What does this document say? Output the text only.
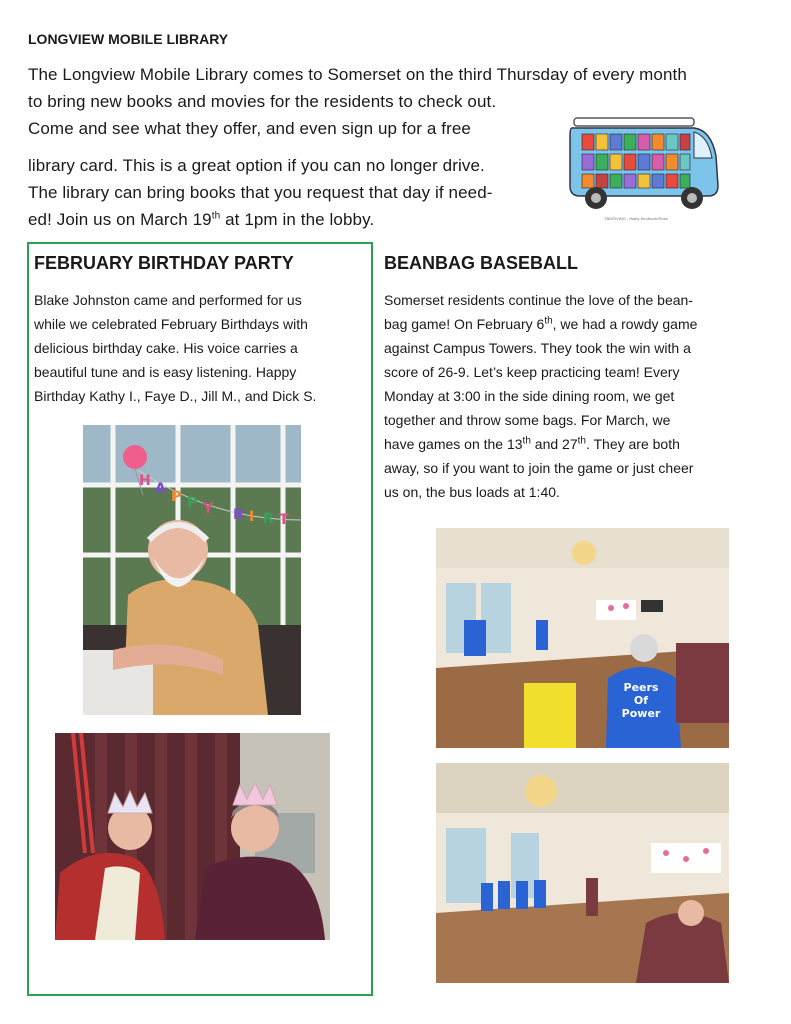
LONGVIEW MOBILE LIBRARY
The Longview Mobile Library comes to Somerset on the third Thursday of every month
to bring new books and movies for the residents to check out.
Come and see what they offer, and even sign up for a free
library card. This is a great option if you can no longer drive.
The library can bring books that you request that day if need-
ed! Join us on March 19th at 1pm in the lobby.	TBDRIVING - Haley Kindbook/Rosh
FEBRUARY BIRTHDAY PARTY
Blake Johnston came and performed for us
while we celebrated February Birthdays with
delicious birthday cake. His voice carries a
beautiful tune and is easy listening. Happy
Birthday Kathy I., Faye D., Jill M., and Dick S.
BEANBAG BASEBALL
Somerset residents continue the love of the bean-
bag game! On February 6th, we had a rowdy game
against Campus Towers. They took the win with a
score of 26-9. Let’s keep practicing team! Every
Monday at 3:00 in the side dining room, we get
together and throw some bags. For March, we
have games on the 13th and 27th. They are both
away, so if you want to join the game or just cheer
us on, the bus loads at 1:40.
H A P P Y B I R T
Peers
Of
Power
